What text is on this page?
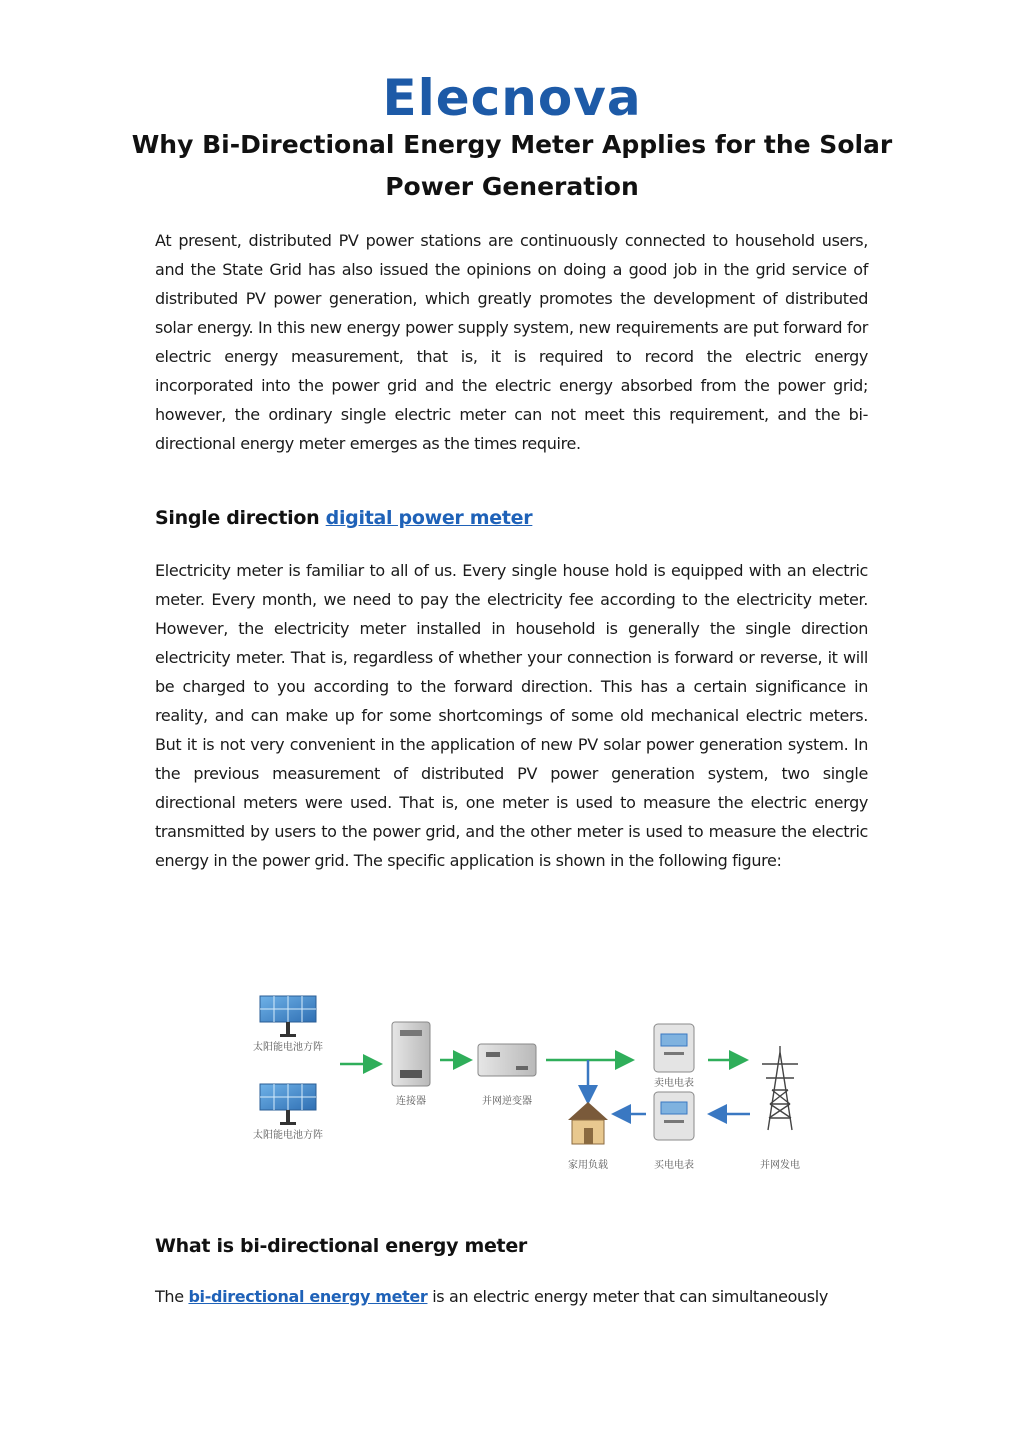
Elecnova
Why Bi-Directional Energy Meter Applies for the Solar Power Generation

At present, distributed PV power stations are continuously connected to household users, and the State Grid has also issued the opinions on doing a good job in the grid service of distributed PV power generation, which greatly promotes the development of distributed solar energy. In this new energy power supply system, new requirements are put forward for electric energy measurement, that is, it is required to record the electric energy incorporated into the power grid and the electric energy absorbed from the power grid; however, the ordinary single electric meter can not meet this requirement, and the bi-directional energy meter emerges as the times require.

Single direction digital power meter

Electricity meter is familiar to all of us. Every single house hold is equipped with an electric meter. Every month, we need to pay the electricity fee according to the electricity meter. However, the electricity meter installed in household is generally the single direction electricity meter. That is, regardless of whether your connection is forward or reverse, it will be charged to you according to the forward direction. This has a certain significance in reality, and can make up for some shortcomings of some old mechanical electric meters. But it is not very convenient in the application of new PV solar power generation system. In the previous measurement of distributed PV power generation system, two single directional meters were used. That is, one meter is used to measure the electric energy transmitted by users to the power grid, and the other meter is used to measure the electric energy in the power grid. The specific application is shown in the following figure:

太阳能电池方阵
太阳能电池方阵
连接器	并网逆变器
卖电电表
并网发电
买电电表
家用负载
What is bi-directional energy meter

The bi-directional energy meter is an electric energy meter that can simultaneously
